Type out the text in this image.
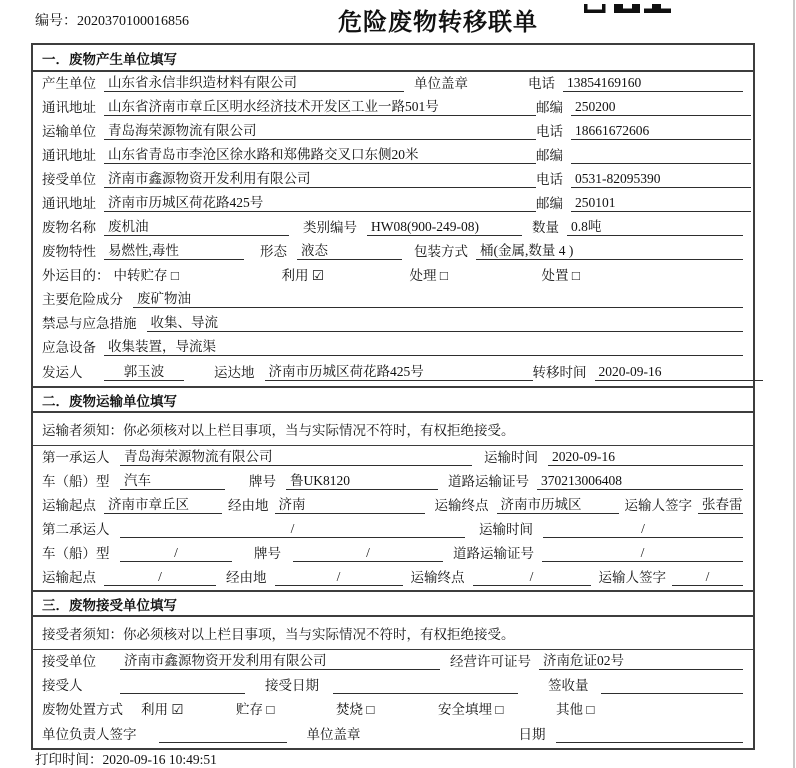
编号：2020370100016856	危险废物转移联单
一．废物产生单位填写
产生单位 山东省永信非织造材料有限公司	单位盖章	电话 13854169160
通讯地址 山东省济南市章丘区明水经济技术开发区工业一路501号	邮编 250200
运输单位 青岛海荣源物流有限公司	电话 18661672606
通讯地址 山东省青岛市李沧区徐水路和郑佛路交叉口东侧20米	邮编
接受单位 济南市鑫源物资开发利用有限公司	电话 0531-82095390
通讯地址 济南市历城区荷花路425号	邮编 250101
废物名称 废机油	类别编号 HW08(900-249-08)	数量 0.8吨
废物特性 易燃性,毒性	形态 液态	包装方式 桶(金属,数量 4 )
外运目的： 中转贮存 □	利用 ☑	处理 □	处置 □
主要危险成分 废矿物油
禁忌与应急措施 收集、导流
应急设备 收集装置，导流渠
发运人	郭玉波	运达地 济南市历城区荷花路425号	转移时间 2020-09-16
二．废物运输单位填写
运输者须知：你必须核对以上栏目事项，当与实际情况不符时，有权拒绝接受。
第一承运人	青岛海荣源物流有限公司	运输时间 2020-09-16
车（船）型	汽车	牌号 鲁UK8120	道路运输证号 370213006408
运输起点 济南市章丘区	经由地 济南	运输终点 济南市历城区	运输人签字 张春雷
第二承运人	/	运输时间	/
车（船）型	/	牌号	/	道路运输证号	/
运输起点	/	经由地	/	运输终点	/	运输人签字	/
三．废物接受单位填写
接受者须知：你必须核对以上栏目事项，当与实际情况不符时，有权拒绝接受。
接受单位	济南市鑫源物资开发利用有限公司	经营许可证号 济南危证02号
接受人	接受日期	签收量
废物处置方式 利用 ☑	贮存 □	焚烧 □	安全填埋 □	其他 □
单位负责人签字	单位盖章	日期
打印时间：2020-09-16 10:49:51
